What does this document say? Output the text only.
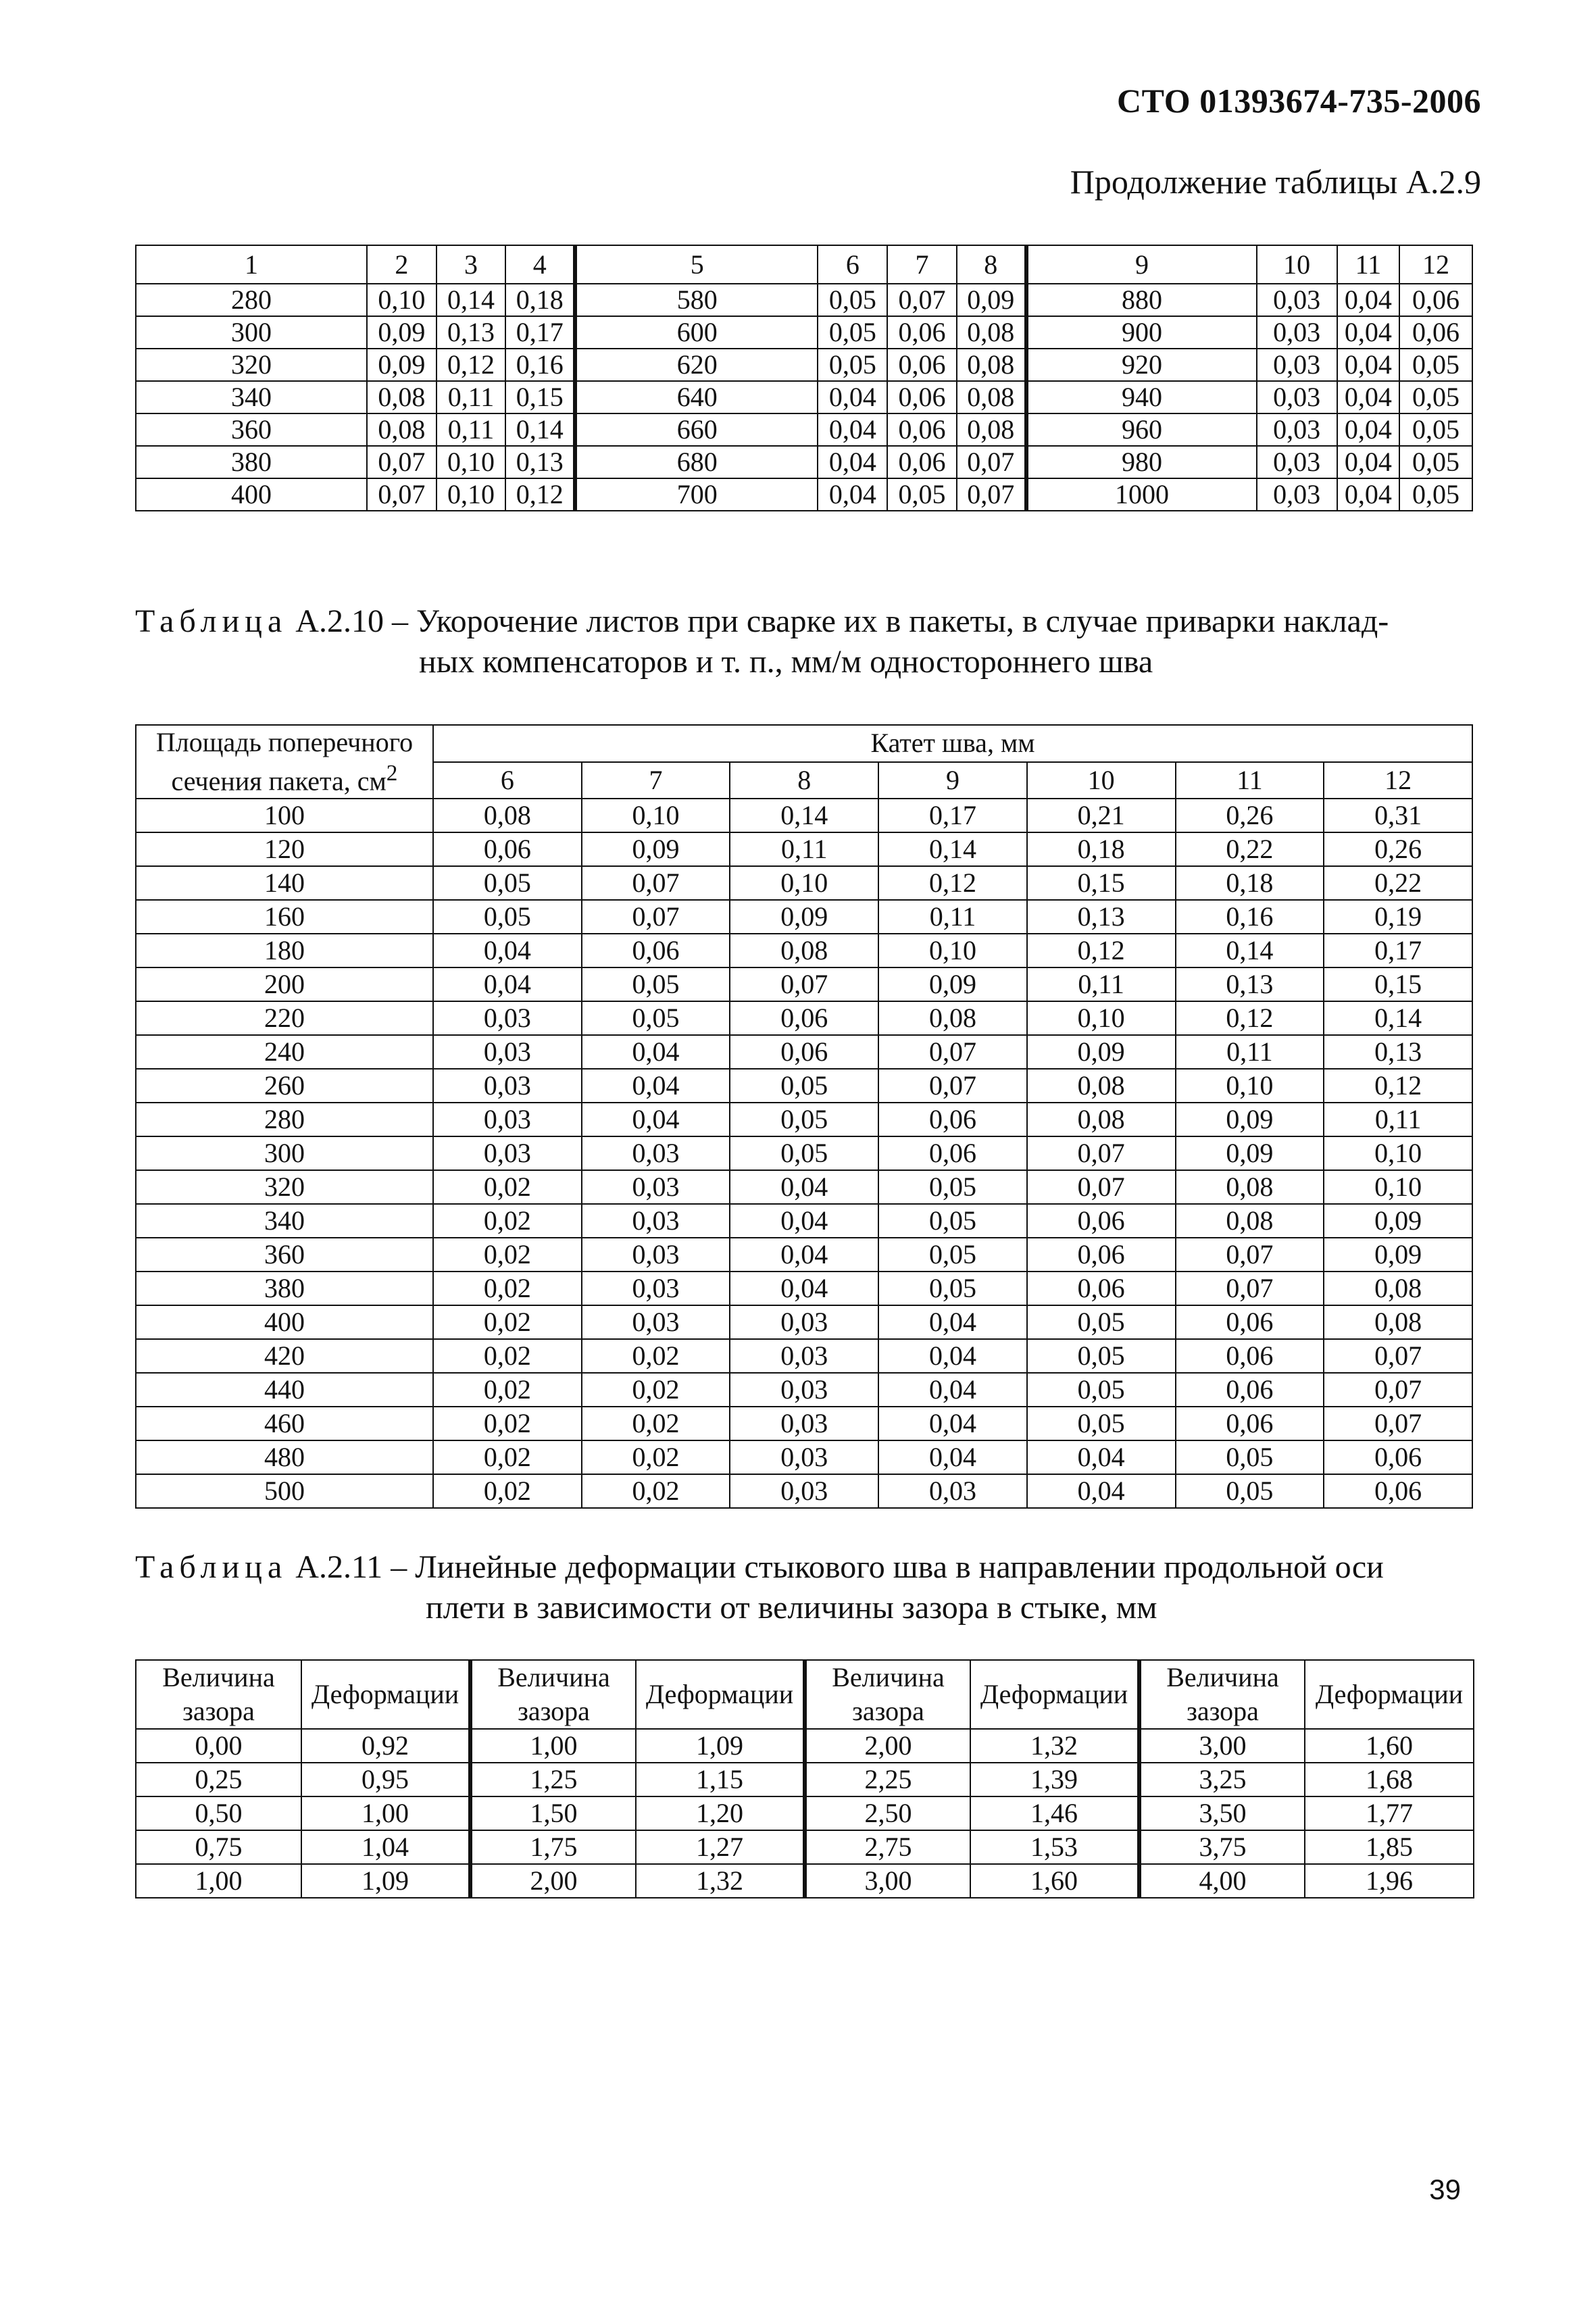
СТО 01393674-735-2006
Продолжение таблицы А.2.9
1	2	3	4	5	6	7	8	9	10	11	12
280	0,10	0,14	0,18	580	0,05	0,07	0,09	880	0,03	0,04	0,06
300	0,09	0,13	0,17	600	0,05	0,06	0,08	900	0,03	0,04	0,06
320	0,09	0,12	0,16	620	0,05	0,06	0,08	920	0,03	0,04	0,05
340	0,08	0,11	0,15	640	0,04	0,06	0,08	940	0,03	0,04	0,05
360	0,08	0,11	0,14	660	0,04	0,06	0,08	960	0,03	0,04	0,05
380	0,07	0,10	0,13	680	0,04	0,06	0,07	980	0,03	0,04	0,05
400	0,07	0,10	0,12	700	0,04	0,05	0,07	1000	0,03	0,04	0,05
Таблица А.2.10 – Укорочение листов при сварке их в пакеты, в случае приварки наклад-
ных компенсаторов и т. п., мм/м одностороннего шва
Площадь поперечного сечения пакета, $см^2$	Катет шва, мм						
	6	7	8	9	10	11	12
100	0,08	0,10	0,14	0,17	0,21	0,26	0,31
120	0,06	0,09	0,11	0,14	0,18	0,22	0,26
140	0,05	0,07	0,10	0,12	0,15	0,18	0,22
160	0,05	0,07	0,09	0,11	0,13	0,16	0,19
180	0,04	0,06	0,08	0,10	0,12	0,14	0,17
200	0,04	0,05	0,07	0,09	0,11	0,13	0,15
220	0,03	0,05	0,06	0,08	0,10	0,12	0,14
240	0,03	0,04	0,06	0,07	0,09	0,11	0,13
260	0,03	0,04	0,05	0,07	0,08	0,10	0,12
280	0,03	0,04	0,05	0,06	0,08	0,09	0,11
300	0,03	0,03	0,05	0,06	0,07	0,09	0,10
320	0,02	0,03	0,04	0,05	0,07	0,08	0,10
340	0,02	0,03	0,04	0,05	0,06	0,08	0,09
360	0,02	0,03	0,04	0,05	0,06	0,07	0,09
380	0,02	0,03	0,04	0,05	0,06	0,07	0,08
400	0,02	0,03	0,03	0,04	0,05	0,06	0,08
420	0,02	0,02	0,03	0,04	0,05	0,06	0,07
440	0,02	0,02	0,03	0,04	0,05	0,06	0,07
460	0,02	0,02	0,03	0,04	0,05	0,06	0,07
480	0,02	0,02	0,03	0,04	0,04	0,05	0,06
500	0,02	0,02	0,03	0,03	0,04	0,05	0,06
Таблица А.2.11 – Линейные деформации стыкового шва в направлении продольной оси
плети в зависимости от величины зазора в стыке, мм
Величина зазора	Деформации	Величина зазора	Деформации	Величина зазора	Деформации	Величина зазора	Деформации
0,00	0,92	1,00	1,09	2,00	1,32	3,00	1,60
0,25	0,95	1,25	1,15	2,25	1,39	3,25	1,68
0,50	1,00	1,50	1,20	2,50	1,46	3,50	1,77
0,75	1,04	1,75	1,27	2,75	1,53	3,75	1,85
1,00	1,09	2,00	1,32	3,00	1,60	4,00	1,96
39
